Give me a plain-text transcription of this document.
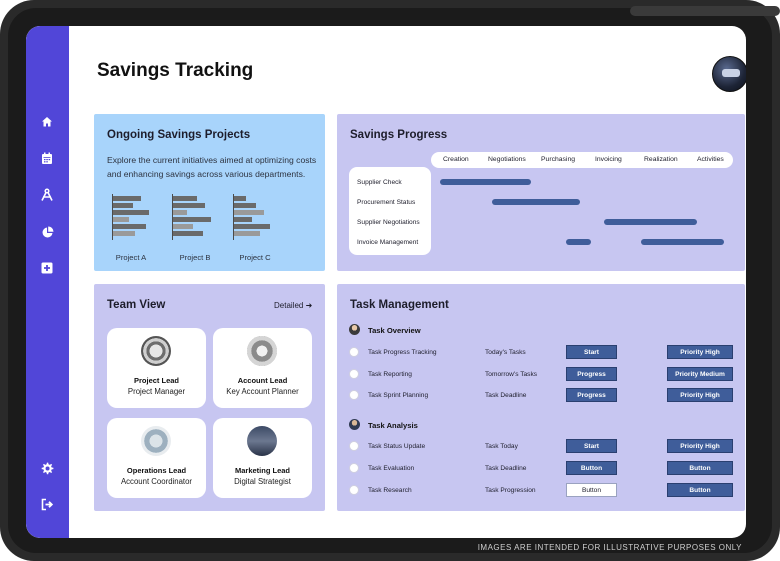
IMAGES ARE INTENDED FOR ILLUSTRATIVE PURPOSES ONLY
Savings Tracking
Ongoing Savings Projects
Explore the current initiatives aimed at optimizing costs and enhancing savings across various departments.
Project A	Project B	Project C
Savings Progress
Creation	Negotiations Purchasing	Invoicing	Realization	Activities
Supplier Check
Procurement Status
Supplier Negotiations
Invoice Management
Team View	Detailed ➜
Project Lead
Project Manager
Account Lead
Key Account Planner
Operations Lead
Account Coordinator
Marketing Lead
Digital Strategist
Task Management
Task Overview
Task Progress Tracking	Today's Tasks	Start	Priority High
Task Reporting	Tomorrow's Tasks	Progress	Priority Medium
Task Sprint Planning	Task Deadline	Progress	Priority High
Task Analysis
Task Status Update	Task Today	Start	Priority High
Task Evaluation	Task Deadline	Button	Button
Task Research	Task Progression	Button	Button
